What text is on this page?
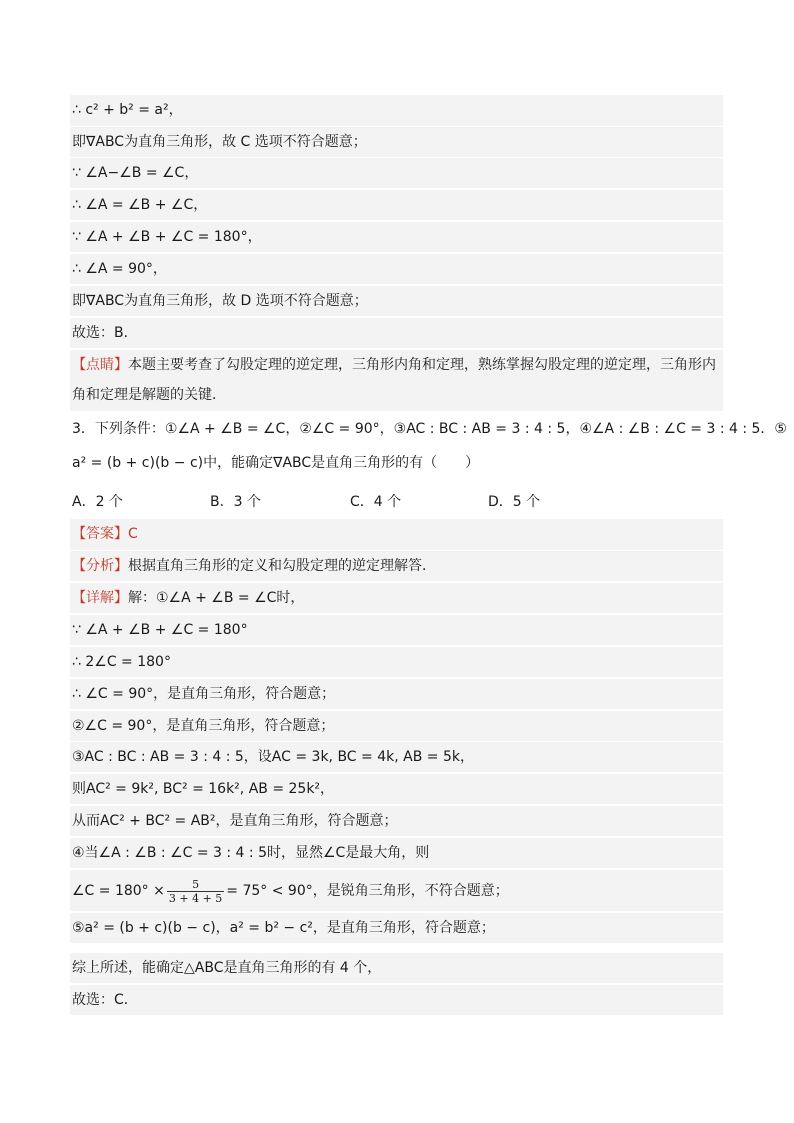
∴ c² + b² = a²，
即∇ABC为直角三角形，故 C 选项不符合题意；
∵ ∠A−∠B = ∠C，
∴ ∠A = ∠B + ∠C，
∵ ∠A + ∠B + ∠C = 180°，
∴ ∠A = 90°，
即∇ABC为直角三角形，故 D 选项不符合题意；
故选：B．
【点睛】本题主要考查了勾股定理的逆定理，三角形内角和定理，熟练掌握勾股定理的逆定理，三角形内
角和定理是解题的关键．
3．下列条件：①∠A + ∠B = ∠C，②∠C = 90°，③AC : BC : AB = 3 : 4 : 5，④∠A : ∠B : ∠C = 3 : 4 : 5．⑤
a² = (b + c)(b − c)中，能确定∇ABC是直角三角形的有（　　）
A．2 个	B．3 个	C．4 个	D．5 个
【答案】C
【分析】根据直角三角形的定义和勾股定理的逆定理解答．
【详解】解：①∠A + ∠B = ∠C时，
∵ ∠A + ∠B + ∠C = 180°
∴ 2∠C = 180°
∴ ∠C = 90°，是直角三角形，符合题意；
②∠C = 90°，是直角三角形，符合题意；
③AC : BC : AB = 3 : 4 : 5，设AC = 3k, BC = 4k, AB = 5k，
则AC² = 9k², BC² = 16k², AB = 25k²，
从而AC² + BC² = AB²，是直角三角形，符合题意；
④当∠A : ∠B : ∠C = 3 : 4 : 5时，显然∠C是最大角，则
∠C = $180^\circ \times \frac{5}{3 + 4 + 5} = 75^\circ < 90^\circ$，是锐角三角形，不符合题意；
⑤a² = (b + c)(b − c)，a² = b² − c²，是直角三角形，符合题意；
综上所述，能确定△ABC是直角三角形的有 4 个，
故选：C．
